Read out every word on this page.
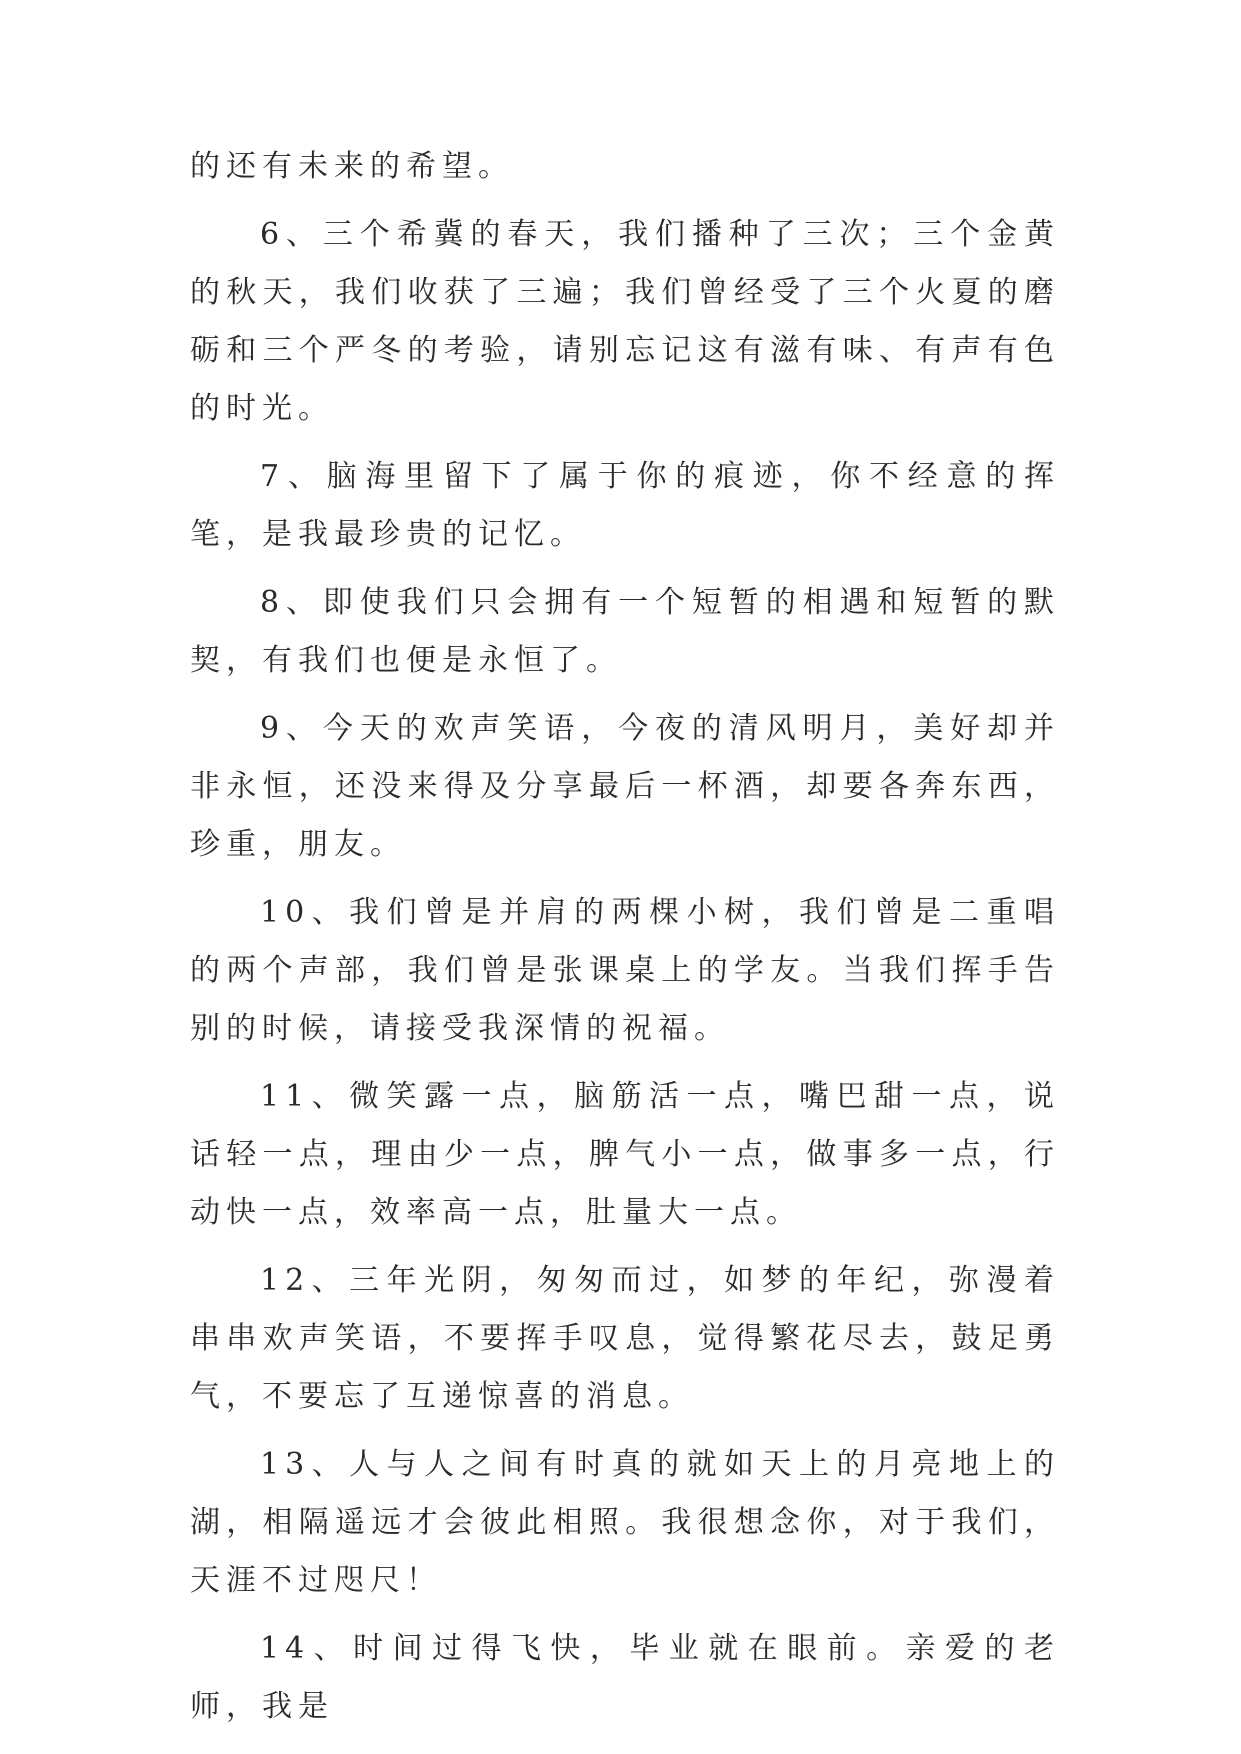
的还有未来的希望。

6、三个希冀的春天，我们播种了三次；三个金黄的秋天，我们收获了三遍；我们曾经受了三个火夏的磨砺和三个严冬的考验，请别忘记这有滋有味、有声有色的时光。

7、脑海里留下了属于你的痕迹，你不经意的挥笔，是我最珍贵的记忆。

8、即使我们只会拥有一个短暂的相遇和短暂的默契，有我们也便是永恒了。

9、今天的欢声笑语，今夜的清风明月，美好却并非永恒，还没来得及分享最后一杯酒，却要各奔东西，珍重，朋友。

10、我们曾是并肩的两棵小树，我们曾是二重唱的两个声部，我们曾是张课桌上的学友。当我们挥手告别的时候，请接受我深情的祝福。

11、微笑露一点，脑筋活一点，嘴巴甜一点，说话轻一点，理由少一点，脾气小一点，做事多一点，行动快一点，效率高一点，肚量大一点。

12、三年光阴，匆匆而过，如梦的年纪，弥漫着串串欢声笑语，不要挥手叹息，觉得繁花尽去，鼓足勇气，不要忘了互递惊喜的消息。

13、人与人之间有时真的就如天上的月亮地上的湖，相隔遥远才会彼此相照。我很想念你，对于我们，天涯不过咫尺！

14、时间过得飞快，毕业就在眼前。亲爱的老师，我是
